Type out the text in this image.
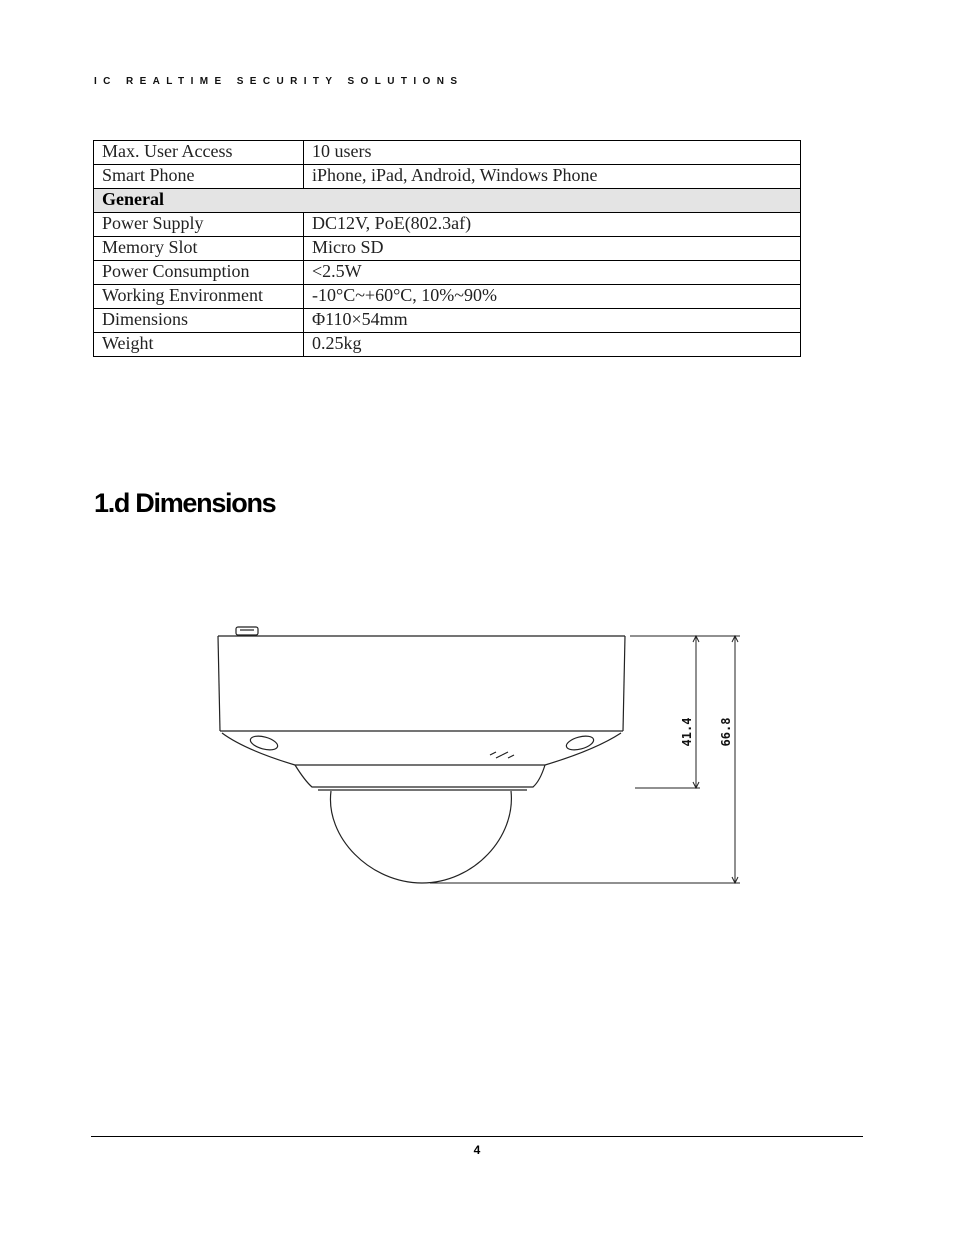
IC REALTIME SECURITY SOLUTIONS
Max. User Access	10 users
Smart Phone	iPhone, iPad, Android, Windows Phone
General	
Power Supply	DC12V, PoE(802.3af)
Memory Slot	Micro SD
Power Consumption	<2.5W
Working Environment	-10°C~+60°C, 10%~90%
Dimensions	Φ110×54mm
Weight	0.25kg
1.d Dimensions
41.4 66.8
4
